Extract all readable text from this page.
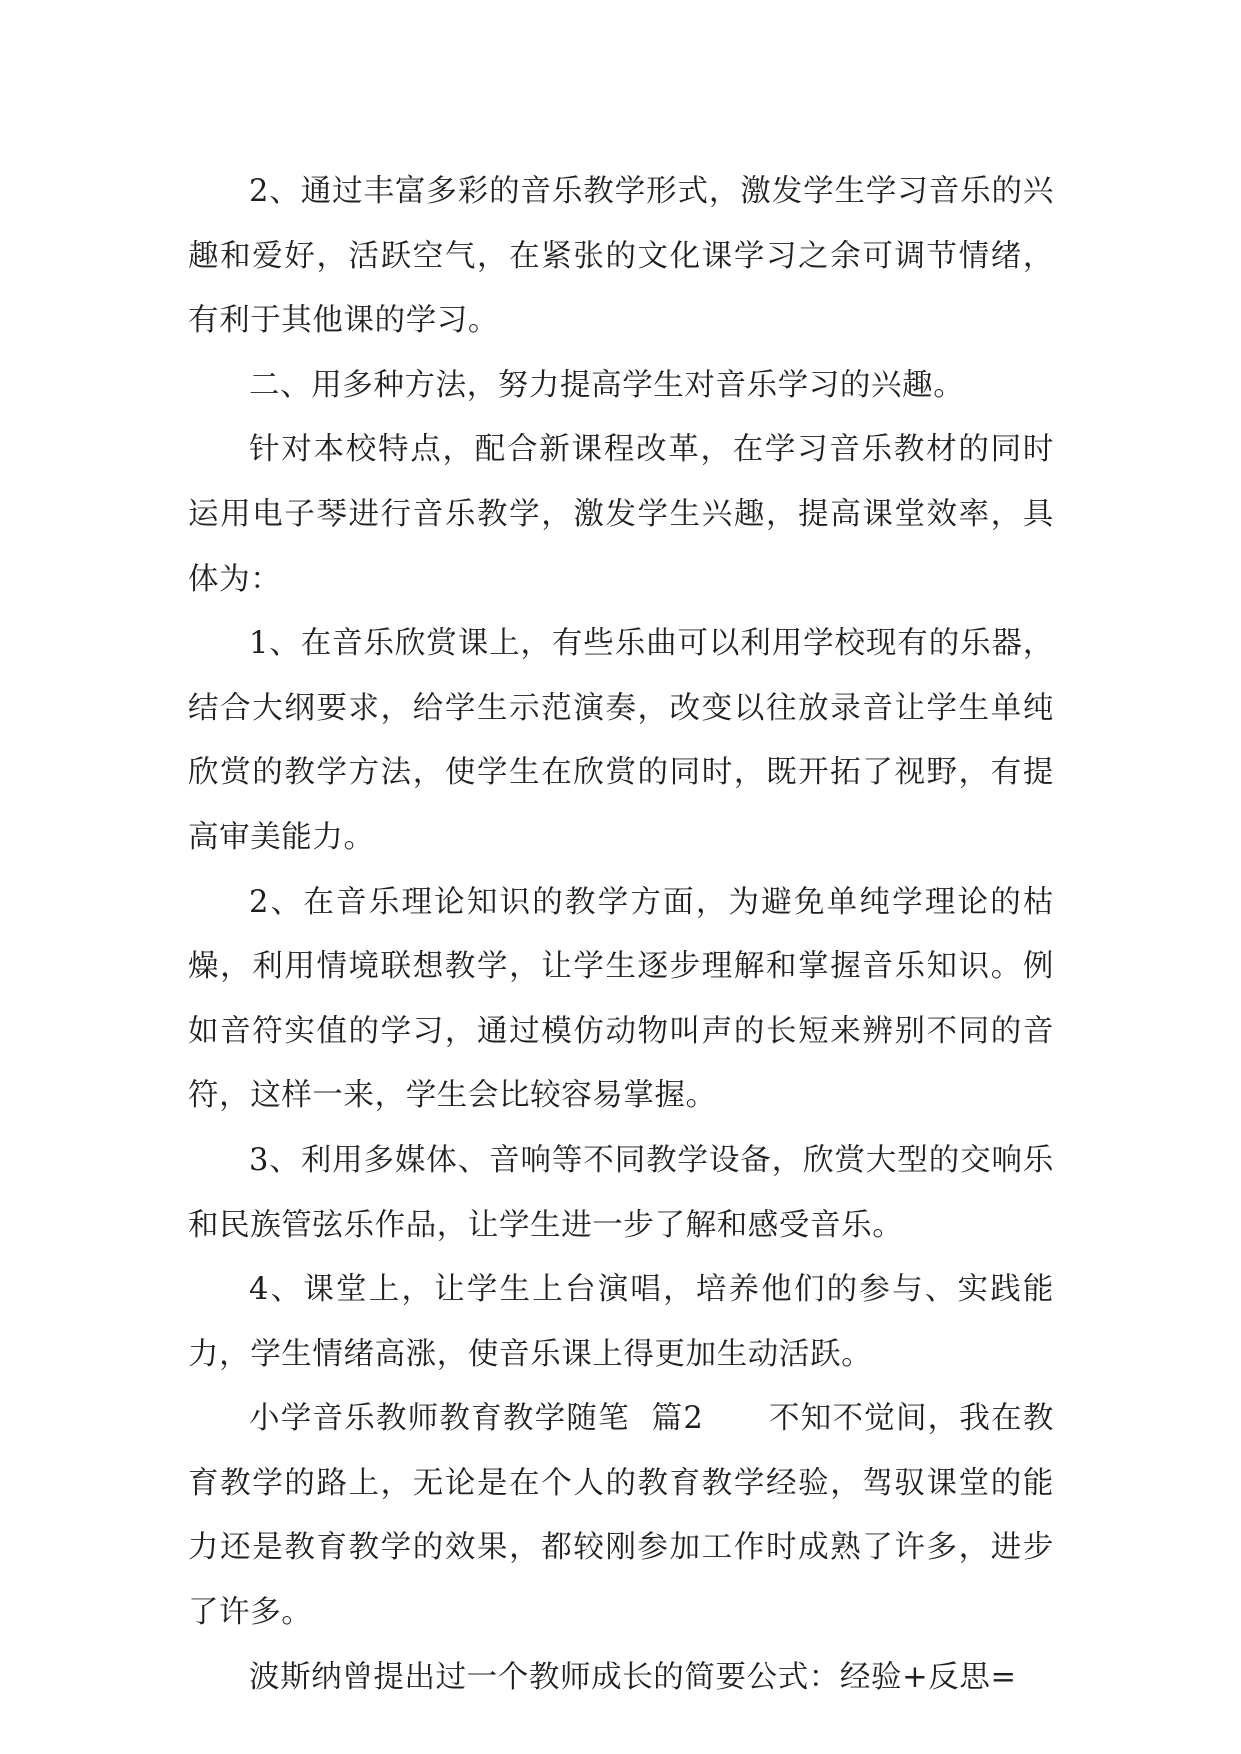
2、通过丰富多彩的音乐教学形式，激发学生学习音乐的兴趣和爱好，活跃空气，在紧张的文化课学习之余可调节情绪，有利于其他课的学习。

二、用多种方法，努力提高学生对音乐学习的兴趣。

针对本校特点，配合新课程改革，在学习音乐教材的同时运用电子琴进行音乐教学，激发学生兴趣，提高课堂效率，具体为：

1、在音乐欣赏课上，有些乐曲可以利用学校现有的乐器，结合大纲要求，给学生示范演奏，改变以往放录音让学生单纯欣赏的教学方法，使学生在欣赏的同时，既开拓了视野，有提高审美能力。

2、在音乐理论知识的教学方面，为避免单纯学理论的枯燥，利用情境联想教学，让学生逐步理解和掌握音乐知识。例如音符实值的学习，通过模仿动物叫声的长短来辨别不同的音符，这样一来，学生会比较容易掌握。

3、利用多媒体、音响等不同教学设备，欣赏大型的交响乐和民族管弦乐作品，让学生进一步了解和感受音乐。

4、课堂上，让学生上台演唱，培养他们的参与、实践能力，学生情绪高涨，使音乐课上得更加生动活跃。

小学音乐教师教育教学随笔  篇2      不知不觉间，我在教育教学的路上，无论是在个人的教育教学经验，驾驭课堂的能力还是教育教学的效果，都较刚参加工作时成熟了许多，进步了许多。

波斯纳曾提出过一个教师成长的简要公式：经验+反思=
